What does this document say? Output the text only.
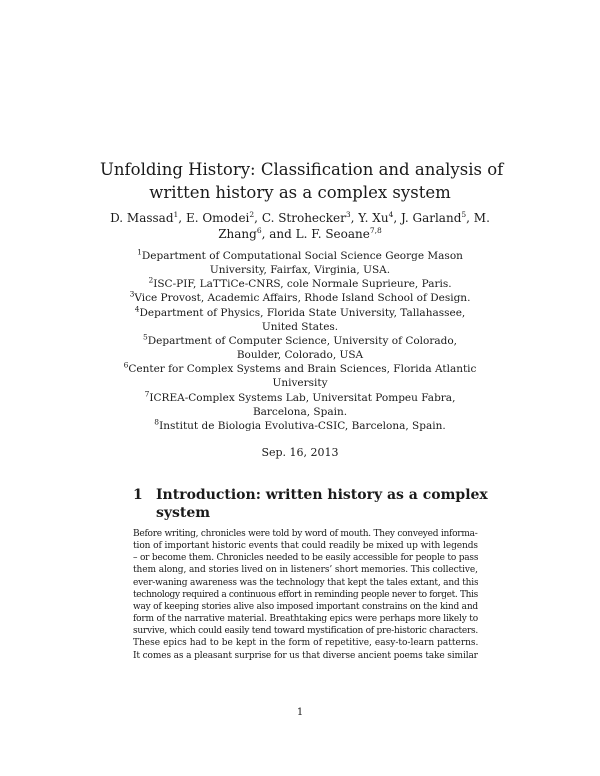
Unfolding History: Classification and analysis of
written history as a complex system
D. Massad$^1$, E. Omodei$^2$, C. Strohecker$^3$, Y. Xu$^4$, J. Garland$^5$, M.
Zhang$^6$, and L. F. Seoane$^{7,8}$
$^1$Department of Computational Social Science George Mason
University, Fairfax, Virginia, USA.
$^2$ISC-PIF, LaTTiCe-CNRS, cole Normale Suprieure, Paris.
$^3$Vice Provost, Academic Affairs, Rhode Island School of Design.
$^4$Department of Physics, Florida State University, Tallahassee,
United States.
$^5$Department of Computer Science, University of Colorado,
Boulder, Colorado, USA
$^6$Center for Complex Systems and Brain Sciences, Florida Atlantic
University
$^7$ICREA-Complex Systems Lab, Universitat Pompeu Fabra,
Barcelona, Spain.
$^8$Institut de Biologia Evolutiva-CSIC, Barcelona, Spain.
Sep. 16, 2013
1 Introduction: written history as a complex
system
Before writing, chronicles were told by word of mouth. They conveyed informa-
tion of important historic events that could readily be mixed up with legends
– or become them. Chronicles needed to be easily accessible for people to pass
them along, and stories lived on in listeners’ short memories. This collective,
ever-waning awareness was the technology that kept the tales extant, and this
technology required a continuous effort in reminding people never to forget. This
way of keeping stories alive also imposed important constrains on the kind and
form of the narrative material. Breathtaking epics were perhaps more likely to
survive, which could easily tend toward mystification of pre-historic characters.
These epics had to be kept in the form of repetitive, easy-to-learn patterns.
It comes as a pleasant surprise for us that diverse ancient poems take similar
1
